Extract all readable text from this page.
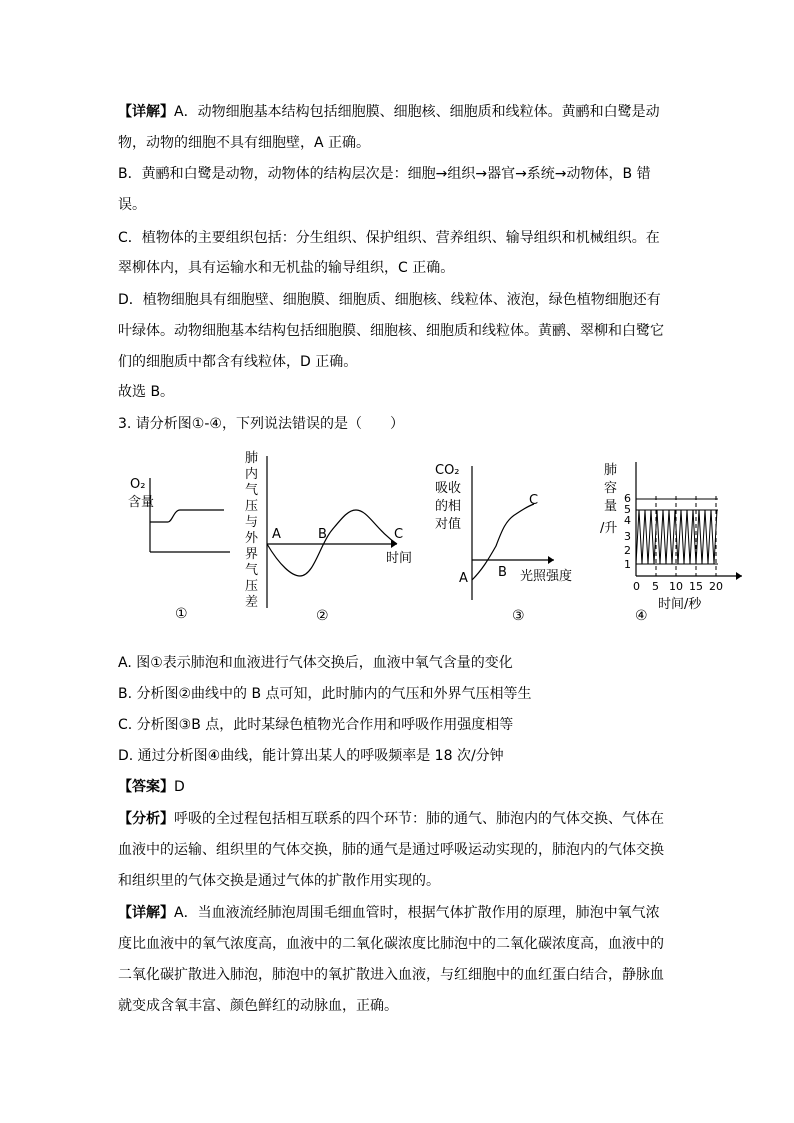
【详解】A．动物细胞基本结构包括细胞膜、细胞核、细胞质和线粒体。黄鹂和白鹭是动
物，动物的细胞不具有细胞壁，A 正确。
B．黄鹂和白鹭是动物，动物体的结构层次是：细胞→组织→器官→系统→动物体，B 错
误。
C．植物体的主要组织包括：分生组织、保护组织、营养组织、输导组织和机械组织。在
翠柳体内，具有运输水和无机盐的输导组织，C 正确。
D．植物细胞具有细胞壁、细胞膜、细胞质、细胞核、线粒体、液泡，绿色植物细胞还有
叶绿体。动物细胞基本结构包括细胞膜、细胞核、细胞质和线粒体。黄鹂、翠柳和白鹭它
们的细胞质中都含有线粒体，D 正确。
故选 B。
3. 请分析图①-④，下列说法错误的是（　　）
O₂
含量
①
肺
内
气
压
与
外
界
气
压
差
A	B	C
时间
②
CO₂
吸收
的相
对值
A B
C
光照强度
③
肺
容
量
/升
6
5
4
3
2
1
0 5 10 15 20
时间/秒
④
A. 图①表示肺泡和血液进行气体交换后，血液中氧气含量的变化
B. 分析图②曲线中的 B 点可知，此时肺内的气压和外界气压相等生
C. 分析图③B 点，此时某绿色植物光合作用和呼吸作用强度相等
D. 通过分析图④曲线，能计算出某人的呼吸频率是 18 次/分钟
【答案】D
【分析】呼吸的全过程包括相互联系的四个环节：肺的通气、肺泡内的气体交换、气体在
血液中的运输、组织里的气体交换，肺的通气是通过呼吸运动实现的，肺泡内的气体交换
和组织里的气体交换是通过气体的扩散作用实现的。
【详解】A．当血液流经肺泡周围毛细血管时，根据气体扩散作用的原理，肺泡中氧气浓
度比血液中的氧气浓度高，血液中的二氧化碳浓度比肺泡中的二氧化碳浓度高，血液中的
二氧化碳扩散进入肺泡，肺泡中的氧扩散进入血液，与红细胞中的血红蛋白结合，静脉血
就变成含氧丰富、颜色鲜红的动脉血，正确。
